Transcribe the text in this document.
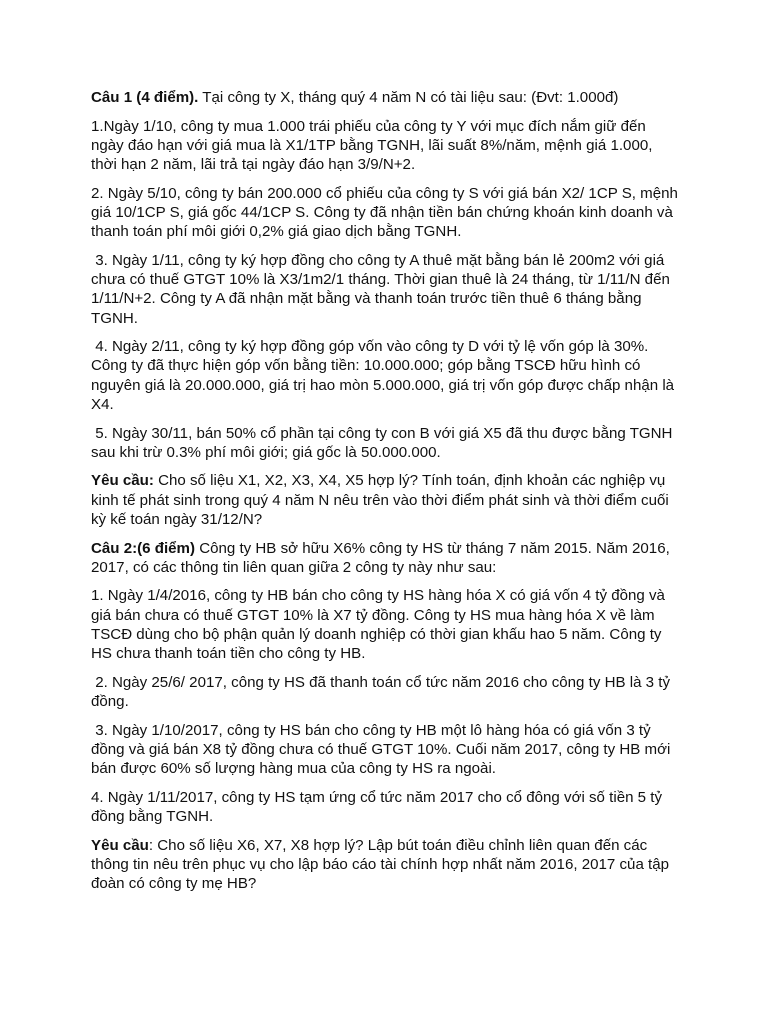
Câu 1 (4 điểm). Tại công ty X, tháng quý 4 năm N có tài liệu sau: (Đvt: 1.000đ)

1.Ngày 1/10, công ty mua 1.000 trái phiếu của công ty Y với mục đích nắm giữ đến ngày đáo hạn với giá mua là X1/1TP bằng TGNH, lãi suất 8%/năm, mệnh giá 1.000, thời hạn 2 năm, lãi trả tại ngày đáo hạn 3/9/N+2.

2. Ngày 5/10, công ty bán 200.000 cổ phiếu của công ty S với giá bán X2/ 1CP S, mệnh giá 10/1CP S, giá gốc 44/1CP S. Công ty đã nhận tiền bán chứng khoán kinh doanh và thanh toán phí môi giới 0,2% giá giao dịch bằng TGNH.

3. Ngày 1/11, công ty ký hợp đồng cho công ty A thuê mặt bằng bán lẻ 200m2 với giá chưa có thuế GTGT 10% là X3/1m2/1 tháng. Thời gian thuê là 24 tháng, từ 1/11/N đến 1/11/N+2. Công ty A đã nhận mặt bằng và thanh toán trước tiền thuê 6 tháng bằng TGNH.

4. Ngày 2/11, công ty ký hợp đồng góp vốn vào công ty D với tỷ lệ vốn góp là 30%. Công ty đã thực hiện góp vốn bằng tiền: 10.000.000; góp bằng TSCĐ hữu hình có nguyên giá là 20.000.000, giá trị hao mòn 5.000.000, giá trị vốn góp được chấp nhận là X4.

5. Ngày 30/11, bán 50% cổ phần tại công ty con B với giá X5 đã thu được bằng TGNH sau khi trừ 0.3% phí môi giới; giá gốc là 50.000.000.

Yêu cầu: Cho số liệu X1, X2, X3, X4, X5 hợp lý? Tính toán, định khoản các nghiệp vụ kinh tế phát sinh trong quý 4 năm N nêu trên vào thời điểm phát sinh và thời điểm cuối kỳ kế toán ngày 31/12/N?

Câu 2:(6 điểm) Công ty HB sở hữu X6% công ty HS từ tháng 7 năm 2015. Năm 2016, 2017, có các thông tin liên quan giữa 2 công ty này như sau:

1. Ngày 1/4/2016, công ty HB bán cho công ty HS hàng hóa X có giá vốn 4 tỷ đồng và giá bán chưa có thuế GTGT 10% là X7 tỷ đồng. Công ty HS mua hàng hóa X về làm TSCĐ dùng cho bộ phận quản lý doanh nghiệp có thời gian khấu hao 5 năm. Công ty HS chưa thanh toán tiền cho công ty HB.

2. Ngày 25/6/ 2017, công ty HS đã thanh toán cổ tức năm 2016 cho công ty HB là 3 tỷ đồng.

3. Ngày 1/10/2017, công ty HS bán cho công ty HB một lô hàng hóa có giá vốn 3 tỷ đồng và giá bán X8 tỷ đồng chưa có thuế GTGT 10%. Cuối năm 2017, công ty HB mới bán được 60% số lượng hàng mua của công ty HS ra ngoài.

4. Ngày 1/11/2017, công ty HS tạm ứng cổ tức năm 2017 cho cổ đông với số tiền 5 tỷ đồng bằng TGNH.

Yêu cầu: Cho số liệu X6, X7, X8 hợp lý? Lập bút toán điều chỉnh liên quan đến các thông tin nêu trên phục vụ cho lập báo cáo tài chính hợp nhất năm 2016, 2017 của tập đoàn có công ty mẹ HB?
